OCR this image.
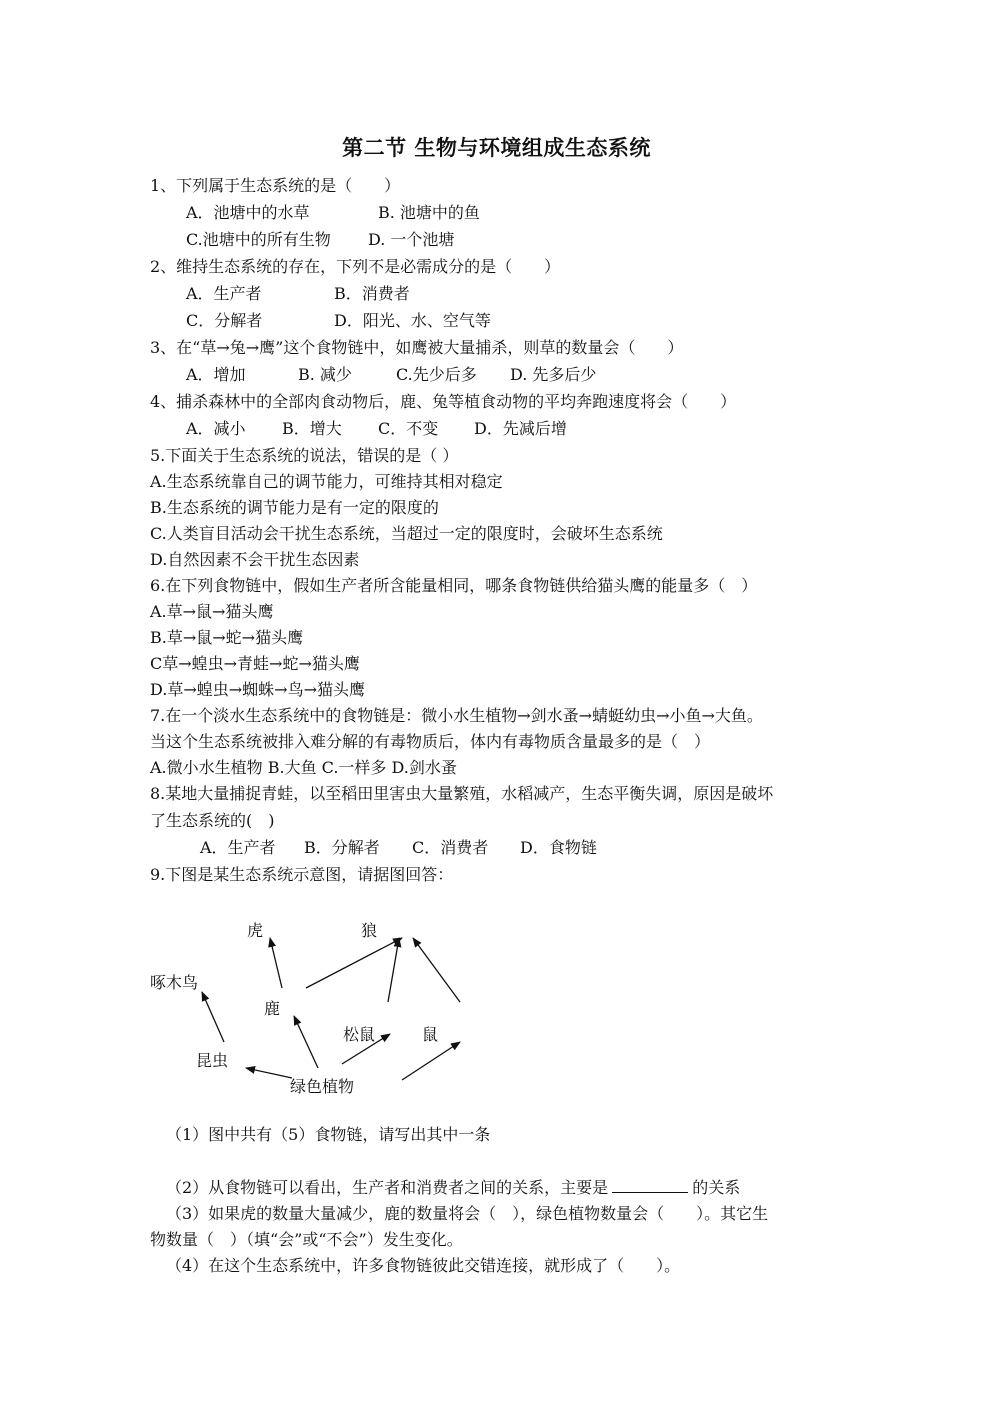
第二节 生物与环境组成生态系统
1、下列属于生态系统的是（　　）
A．池塘中的水草	B. 池塘中的鱼
C.池塘中的所有生物 D. 一个池塘
2、维持生态系统的存在，下列不是必需成分的是（　　）
A．生产者	B．消费者
C．分解者	D．阳光、水、空气等
3、在“草→兔→鹰”这个食物链中，如鹰被大量捕杀，则草的数量会（　　）
A．增加	B. 减少	C.先少后多 D. 先多后少
4、捕杀森林中的全部肉食动物后，鹿、兔等植食动物的平均奔跑速度将会（　　）
A．减小 B．增大 C．不变 D．先减后增
5.下面关于生态系统的说法，错误的是（ ）
A.生态系统靠自己的调节能力，可维持其相对稳定
B.生态系统的调节能力是有一定的限度的
C.人类盲目活动会干扰生态系统，当超过一定的限度时，会破坏生态系统
D.自然因素不会干扰生态因素
6.在下列食物链中，假如生产者所含能量相同，哪条食物链供给猫头鹰的能量多（　）
A.草→鼠→猫头鹰
B.草→鼠→蛇→猫头鹰
C草→蝗虫→青蛙→蛇→猫头鹰
D.草→蝗虫→蜘蛛→鸟→猫头鹰
7.在一个淡水生态系统中的食物链是：微小水生植物→剑水蚤→蜻蜓幼虫→小鱼→大鱼。
当这个生态系统被排入难分解的有毒物质后，体内有毒物质含量最多的是（　）
A.微小水生植物 B.大鱼 C.一样多 D.剑水蚤
8.某地大量捕捉青蛙，以至稻田里害虫大量繁殖，水稻减产，生态平衡失调，原因是破坏
了生态系统的(　)
A．生产者 B．分解者 C．消费者 D．食物链
9.下图是某生态系统示意图，请据图回答：
虎	狼
啄木鸟
鹿
松鼠	鼠
昆虫
绿色植物
（1）图中共有（5）食物链，请写出其中一条
（2）从食物链可以看出，生产者和消费者之间的关系，主要是	的关系
（3）如果虎的数量大量减少，鹿的数量将会（　），绿色植物数量会（　　）。其它生
物数量（　）（填“会”或“不会”）发生变化。
（4）在这个生态系统中，许多食物链彼此交错连接，就形成了（　　）。
